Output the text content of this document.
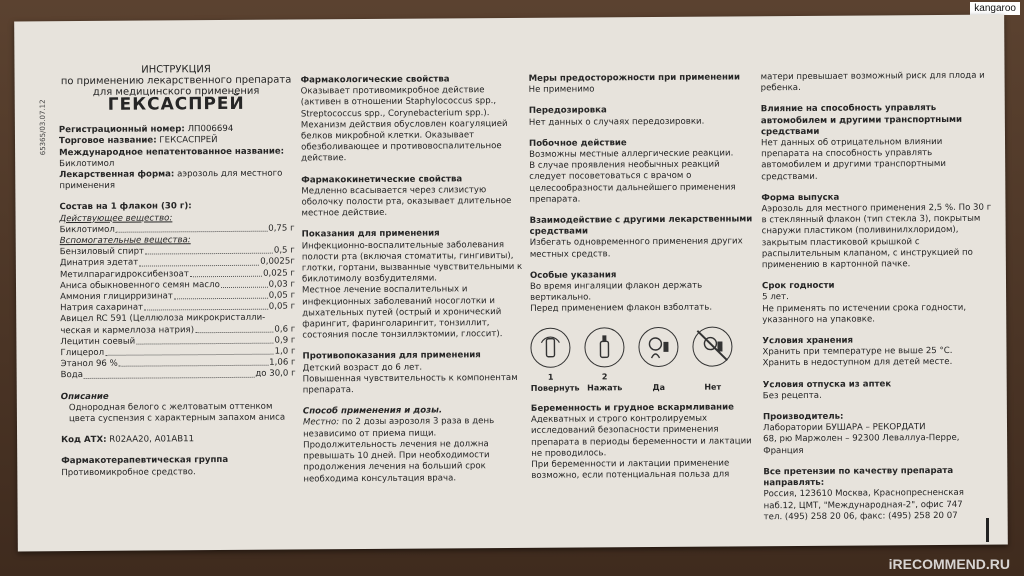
kangaroo
65365/03.07.12
ИНСТРУКЦИЯ
по применению лекарственного препарата
для медицинского применения
ГЕКСАСПРЕЙ
Регистрационный номер: ЛП006694
Торговое название: ГЕКСАСПРЕЙ
Международное непатентованное название: Биклотимол
Лекарственная форма: аэрозоль для местного применения
Состав на 1 флакон (30 г):
Действующее вещество:
Биклотимол	0,75 г
Вспомогательные вещества:
Бензиловый спирт	0,5 г
Динатрия эдетат	0,0025г
Метилпарагидроксибензоат	0,025 г
Аниса обыкновенного семян масло	0,03 г
Аммония глицирризинат	0,05 г
Натрия сахаринат	0,05 г
Авицел RC 591 (Целлюлоза микрокристалли-
ческая и кармеллоза натрия)	0,6 г
Лецитин соевый	0,9 г
Глицерол	1,0 г
Этанол 96 %	1,06 г
Вода	до 30,0 г
Описание
Однородная белого с желтоватым оттенком цвета суспензия с характерным запахом аниса
Код АТХ: R02AA20, A01AB11
Фармакотерапевтическая группа
Противомикробное средство.
Фармакологические свойства
Оказывает противомикробное действие (активен в отношении Staphylococcus spp., Streptococcus spp., Corynebacterium spp.). Механизм действия обусловлен коагуляцией белков микробной клетки. Оказывает обезболивающее и противовоспалительное действие.
Фармакокинетические свойства
Медленно всасывается через слизистую оболочку полости рта, оказывает длительное местное действие.
Показания для применения
Инфекционно-воспалительные заболевания полости рта (включая стоматиты, гингивиты), глотки, гортани, вызванные чувствительными к биклотимолу возбудителями.
Местное лечение воспалительных и инфекционных заболеваний носоглотки и дыхательных путей (острый и хронический фарингит, фаринголарингит, тонзиллит, состояния после тонзиллэктомии, глоссит).
Противопоказания для применения
Детский возраст до 6 лет.
Повышенная чувствительность к компонентам препарата.
Способ применения и дозы.
Местно: по 2 дозы аэрозоля 3 раза в день независимо от приема пищи.
Продолжительность лечения не должна превышать 10 дней. При необходимости продолжения лечения на больший срок необходима консультация врача.
Меры предосторожности при применении
Не применимо
Передозировка
Нет данных о случаях передозировки.
Побочное действие
Возможны местные аллергические реакции.
В случае проявления необычных реакций следует посоветоваться с врачом о целесообразности дальнейшего применения препарата.
Взаимодействие с другими лекарственными средствами
Избегать одновременного применения других местных средств.
Особые указания
Во время ингаляции флакон держать вертикально.
Перед применением флакон взболтать.
1	2
Повернуть Нажать	Да	Нет
Беременность и грудное вскармливание
Адекватных и строго контролируемых исследований безопасности применения препарата в периоды беременности и лактации не проводилось.
При беременности и лактации применение возможно, если потенциальная польза для
матери превышает возможный риск для плода и ребенка.
Влияние на способность управлять автомобилем и другими транспортными средствами
Нет данных об отрицательном влиянии препарата на способность управлять автомобилем и другими транспортными средствами.
Форма выпуска
Аэрозоль для местного применения 2,5 %. По 30 г в стеклянный флакон (тип стекла 3), покрытым снаружи пластиком (поливинилхлоридом), закрытым пластиковой крышкой с распылительным клапаном, с инструкцией по применению в картонной пачке.
Срок годности
5 лет.
Не применять по истечении срока годности, указанного на упаковке.
Условия хранения
Хранить при температуре не выше 25 °C.
Хранить в недоступном для детей месте.
Условия отпуска из аптек
Без рецепта.
Производитель:
Лаборатории БУШАРА – РЕКОРДАТИ
68, рю Маржолен – 92300 Леваллуа-Перре,
Франция
Все претензии по качеству препарата направлять:
Россия, 123610 Москва, Краснопресненская
наб.12, ЦМТ, "Международная-2", офис 747
тел. (495) 258 20 06, факс: (495) 258 20 07
iRECOMMEND.RU
